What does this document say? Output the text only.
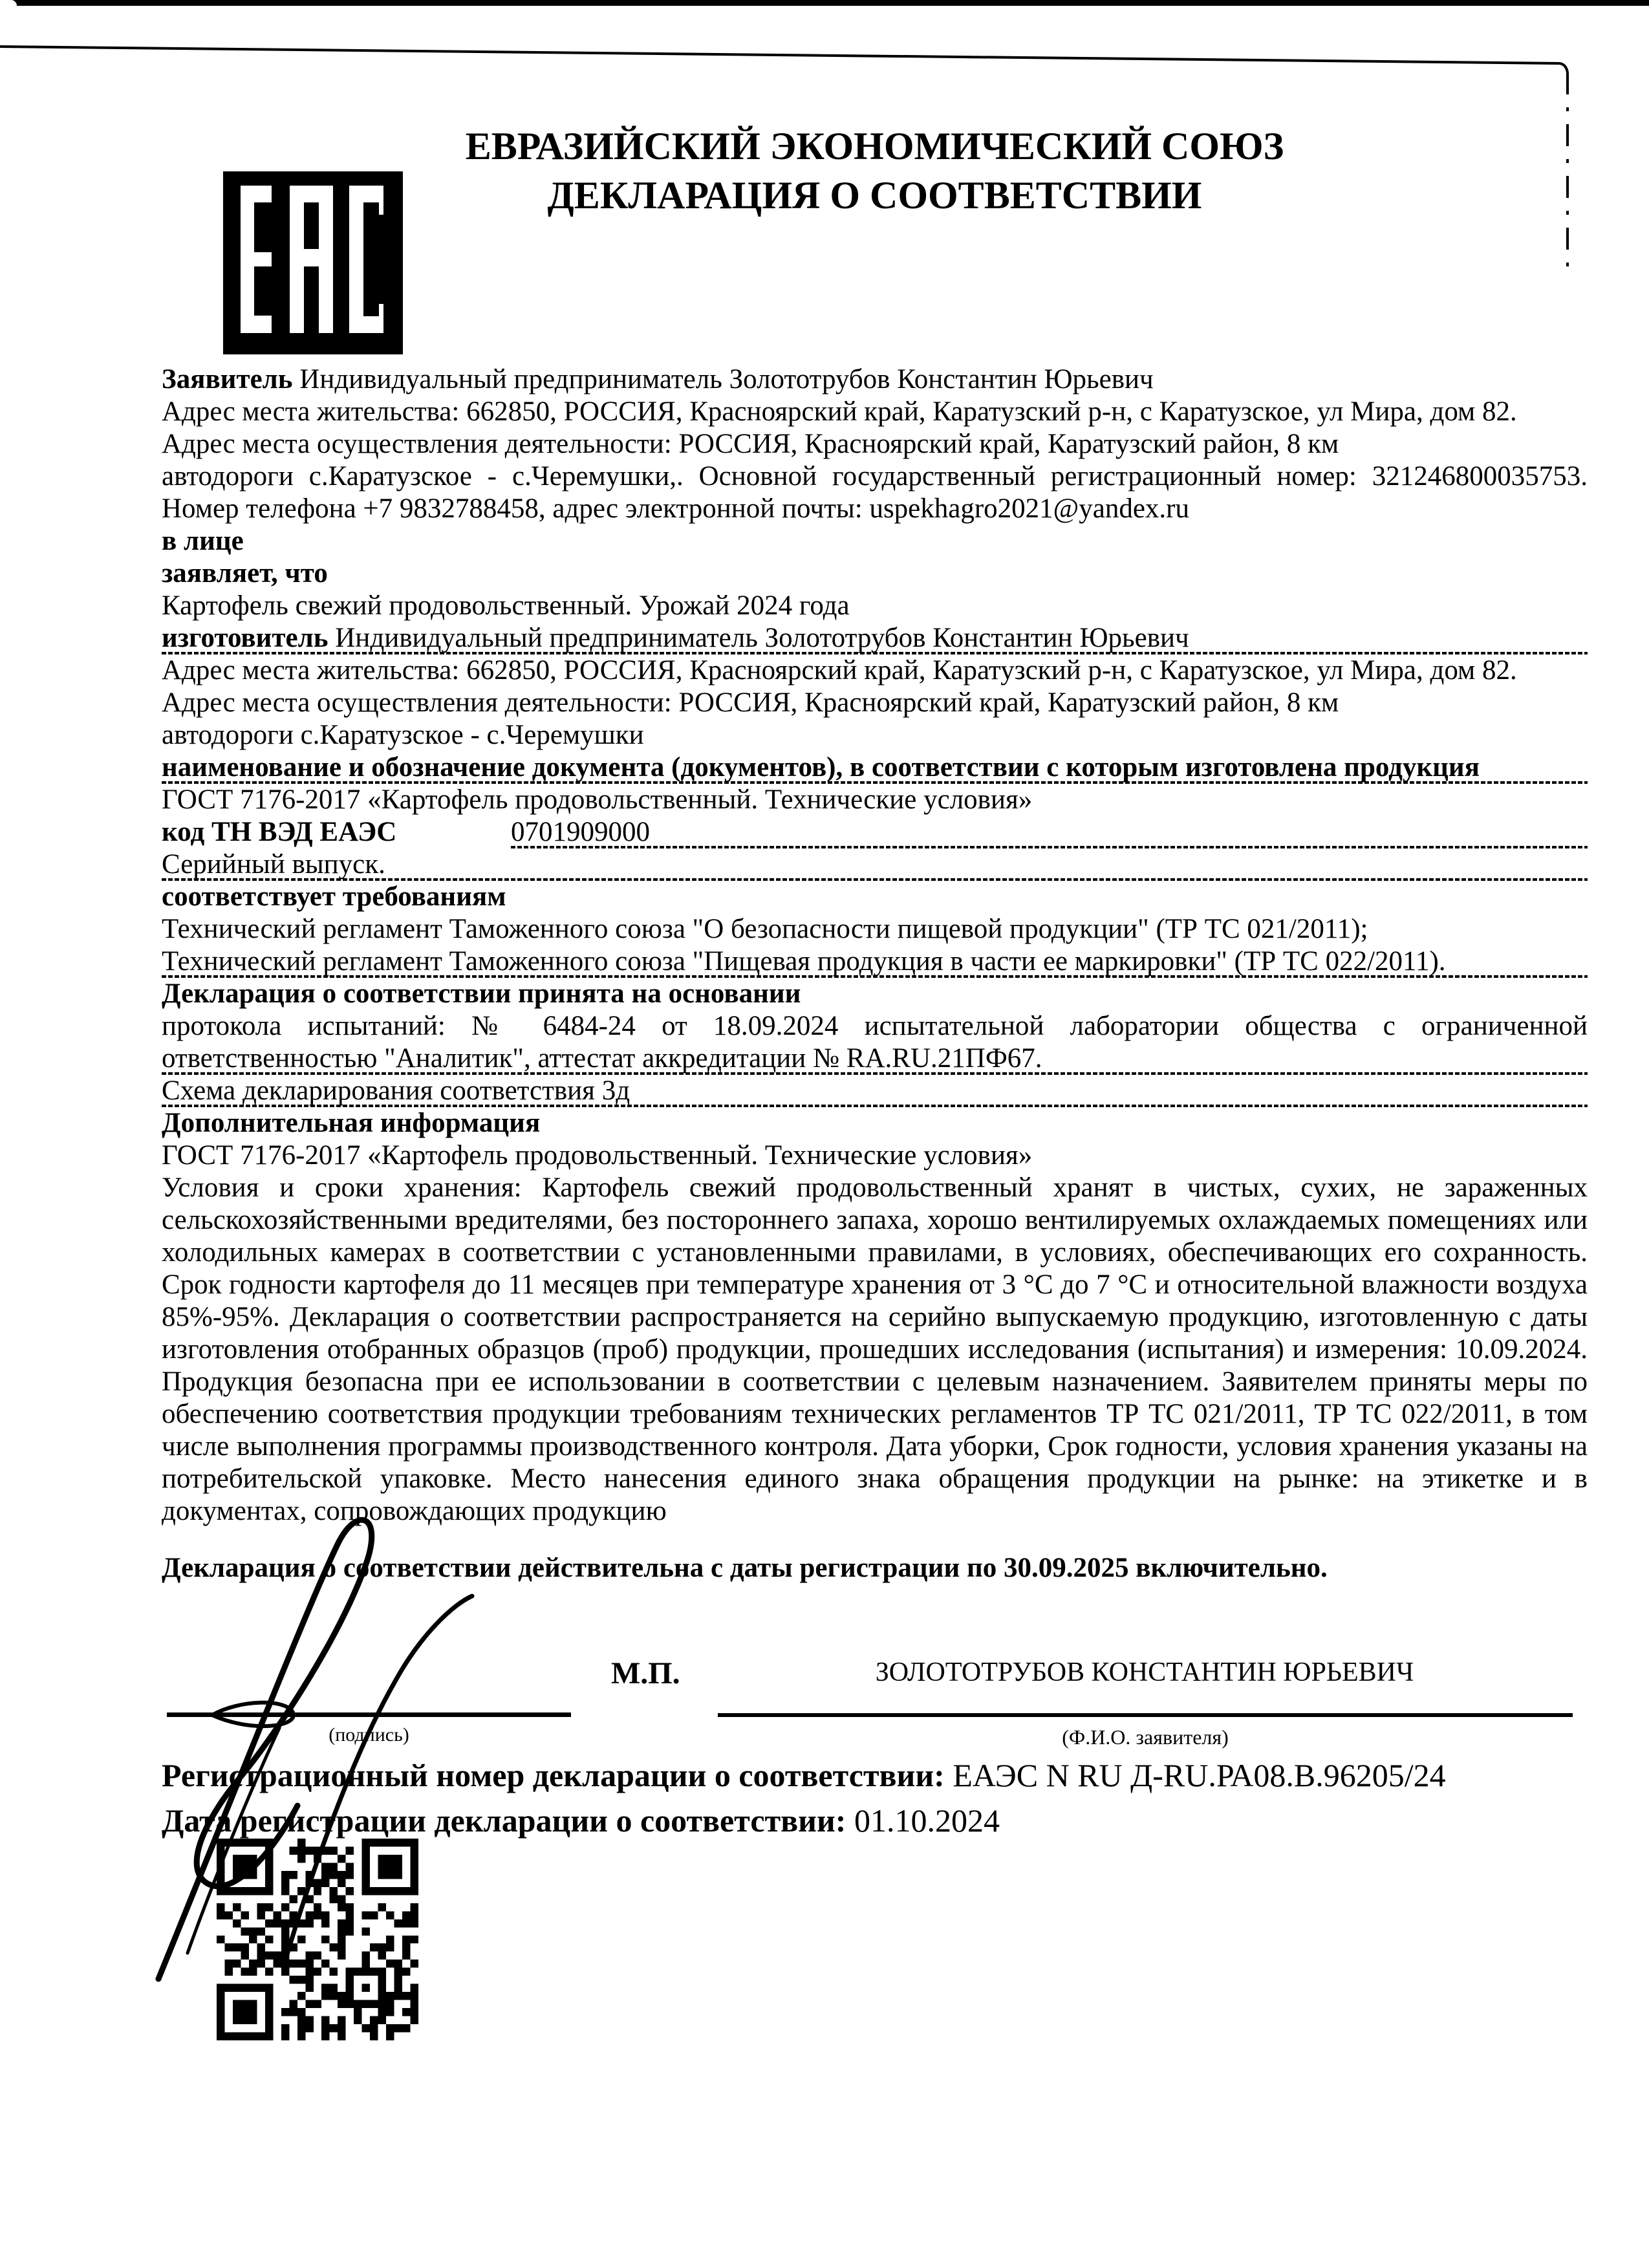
ЕВРАЗИЙСКИЙ ЭКОНОМИЧЕСКИЙ СОЮЗ
ДЕКЛАРАЦИЯ О СООТВЕТСТВИИ
Заявитель Индивидуальный предприниматель Золототрубов Константин Юрьевич
Адрес места жительства: 662850, РОССИЯ, Красноярский край, Каратузский р-н, с Каратузское, ул Мира, дом 82.
Адрес места осуществления деятельности: РОССИЯ, Красноярский край, Каратузский район, 8 км
автодороги с.Каратузское - с.Черемушки,. Основной государственный регистрационный номер: 321246800035753.
Номер телефона +7 9832788458, адрес электронной почты: uspekhagro2021@yandex.ru
в лице
заявляет, что
Картофель свежий продовольственный. Урожай 2024 года
изготовитель Индивидуальный предприниматель Золототрубов Константин Юрьевич
Адрес места жительства: 662850, РОССИЯ, Красноярский край, Каратузский р-н, с Каратузское, ул Мира, дом 82.
Адрес места осуществления деятельности: РОССИЯ, Красноярский край, Каратузский район, 8 км
автодороги с.Каратузское - с.Черемушки
наименование и обозначение документа (документов), в соответствии с которым изготовлена продукция
ГОСТ 7176-2017 «Картофель продовольственный. Технические условия»
код ТН ВЭД ЕАЭС	0701909000
Серийный выпуск.
соответствует требованиям
Технический регламент Таможенного союза "О безопасности пищевой продукции" (ТР ТС 021/2011);
Технический регламент Таможенного союза "Пищевая продукция в части ее маркировки" (ТР ТС 022/2011).
Декларация о соответствии принята на основании
протокола испытаний: № 6484-24 от 18.09.2024 испытательной лаборатории общества с ограниченной
ответственностью "Аналитик", аттестат аккредитации № RA.RU.21ПФ67.
Схема декларирования соответствия 3д
Дополнительная информация
ГОСТ 7176-2017 «Картофель продовольственный. Технические условия»
Условия и сроки хранения: Картофель свежий продовольственный хранят в чистых, сухих, не зараженных сельскохозяйственными вредителями, без постороннего запаха, хорошо вентилируемых охлаждаемых помещениях или холодильных камерах в соответствии с установленными правилами, в условиях, обеспечивающих его сохранность. Срок годности картофеля до 11 месяцев при температуре хранения от 3 °С до 7 °С и относительной влажности воздуха 85%-95%. Декларация о соответствии распространяется на серийно выпускаемую продукцию, изготовленную с даты изготовления отобранных образцов (проб) продукции, прошедших исследования (испытания) и измерения: 10.09.2024. Продукция безопасна при ее использовании в соответствии с целевым назначением. Заявителем приняты меры по обеспечению соответствия продукции требованиям технических регламентов ТР ТС 021/2011, ТР ТС 022/2011, в том числе выполнения программы производственного контроля. Дата уборки, Срок годности, условия хранения указаны на потребительской упаковке. Место нанесения единого знака обращения продукции на рынке: на этикетке и в документах, сопровождающих продукцию
Декларация о соответствии действительна с даты регистрации по 30.09.2025 включительно.
М.П.	ЗОЛОТОТРУБОВ КОНСТАНТИН ЮРЬЕВИЧ
(подпись)	(Ф.И.О. заявителя)
Регистрационный номер декларации о соответствии: ЕАЭС N RU Д-RU.РА08.В.96205/24
Дата регистрации декларации о соответствии: 01.10.2024
